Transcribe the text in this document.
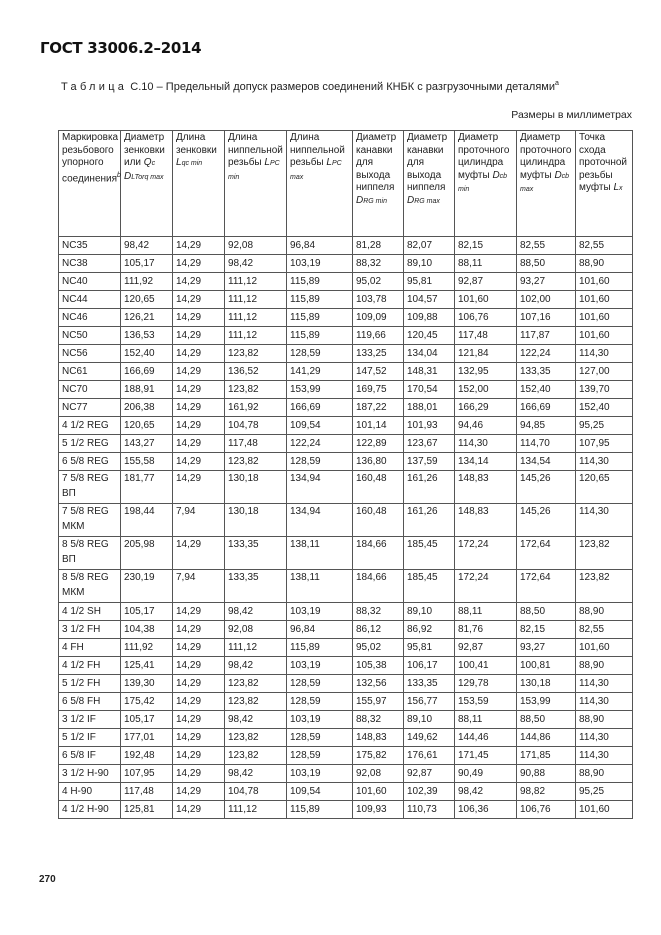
ГОСТ 33006.2–2014
Таблица С.10 – Предельный допуск размеров соединений КНБК с разгрузочными деталями$^a$
Размеры в миллиметрах
Маркировка резьбового упорного соединения$^b$	Диаметр зенковки или Qc DLTorq max	Длина зенковки Lqc min	Длина ниппельной резьбы LPC min	Длина ниппельной резьбы LPC max	Диаметр канавки для выхода ниппеля DRG min	Диаметр канавки для выхода ниппеля DRG max	Диаметр проточного цилиндра муфты Dcb min	Диаметр проточного цилиндра муфты Dcb max	Точка схода проточной резьбы муфты Lx
NC35	98,42	14,29	92,08	96,84	81,28	82,07	82,15	82,55	82,55
NC38	105,17	14,29	98,42	103,19	88,32	89,10	88,11	88,50	88,90
NC40	111,92	14,29	111,12	115,89	95,02	95,81	92,87	93,27	101,60
NC44	120,65	14,29	111,12	115,89	103,78	104,57	101,60	102,00	101,60
NC46	126,21	14,29	111,12	115,89	109,09	109,88	106,76	107,16	101,60
NC50	136,53	14,29	111,12	115,89	119,66	120,45	117,48	117,87	101,60
NC56	152,40	14,29	123,82	128,59	133,25	134,04	121,84	122,24	114,30
NC61	166,69	14,29	136,52	141,29	147,52	148,31	132,95	133,35	127,00
NC70	188,91	14,29	123,82	153,99	169,75	170,54	152,00	152,40	139,70
NC77	206,38	14,29	161,92	166,69	187,22	188,01	166,29	166,69	152,40
4 1/2 REG	120,65	14,29	104,78	109,54	101,14	101,93	94,46	94,85	95,25
5 1/2 REG	143,27	14,29	117,48	122,24	122,89	123,67	114,30	114,70	107,95
6 5/8 REG	155,58	14,29	123,82	128,59	136,80	137,59	134,14	134,54	114,30
7 5/8 REG ВП	181,77	14,29	130,18	134,94	160,48	161,26	148,83	145,26	120,65
7 5/8 REG МКМ	198,44	7,94	130,18	134,94	160,48	161,26	148,83	145,26	114,30
8 5/8 REG ВП	205,98	14,29	133,35	138,11	184,66	185,45	172,24	172,64	123,82
8 5/8 REG МКМ	230,19	7,94	133,35	138,11	184,66	185,45	172,24	172,64	123,82
4 1/2 SH	105,17	14,29	98,42	103,19	88,32	89,10	88,11	88,50	88,90
3 1/2 FH	104,38	14,29	92,08	96,84	86,12	86,92	81,76	82,15	82,55
4 FH	111,92	14,29	111,12	115,89	95,02	95,81	92,87	93,27	101,60
4 1/2 FH	125,41	14,29	98,42	103,19	105,38	106,17	100,41	100,81	88,90
5 1/2 FH	139,30	14,29	123,82	128,59	132,56	133,35	129,78	130,18	114,30
6 5/8 FH	175,42	14,29	123,82	128,59	155,97	156,77	153,59	153,99	114,30
3 1/2 IF	105,17	14,29	98,42	103,19	88,32	89,10	88,11	88,50	88,90
5 1/2 IF	177,01	14,29	123,82	128,59	148,83	149,62	144,46	144,86	114,30
6 5/8 IF	192,48	14,29	123,82	128,59	175,82	176,61	171,45	171,85	114,30
3 1/2 H-90	107,95	14,29	98,42	103,19	92,08	92,87	90,49	90,88	88,90
4 H-90	117,48	14,29	104,78	109,54	101,60	102,39	98,42	98,82	95,25
4 1/2 H-90	125,81	14,29	111,12	115,89	109,93	110,73	106,36	106,76	101,60
270
